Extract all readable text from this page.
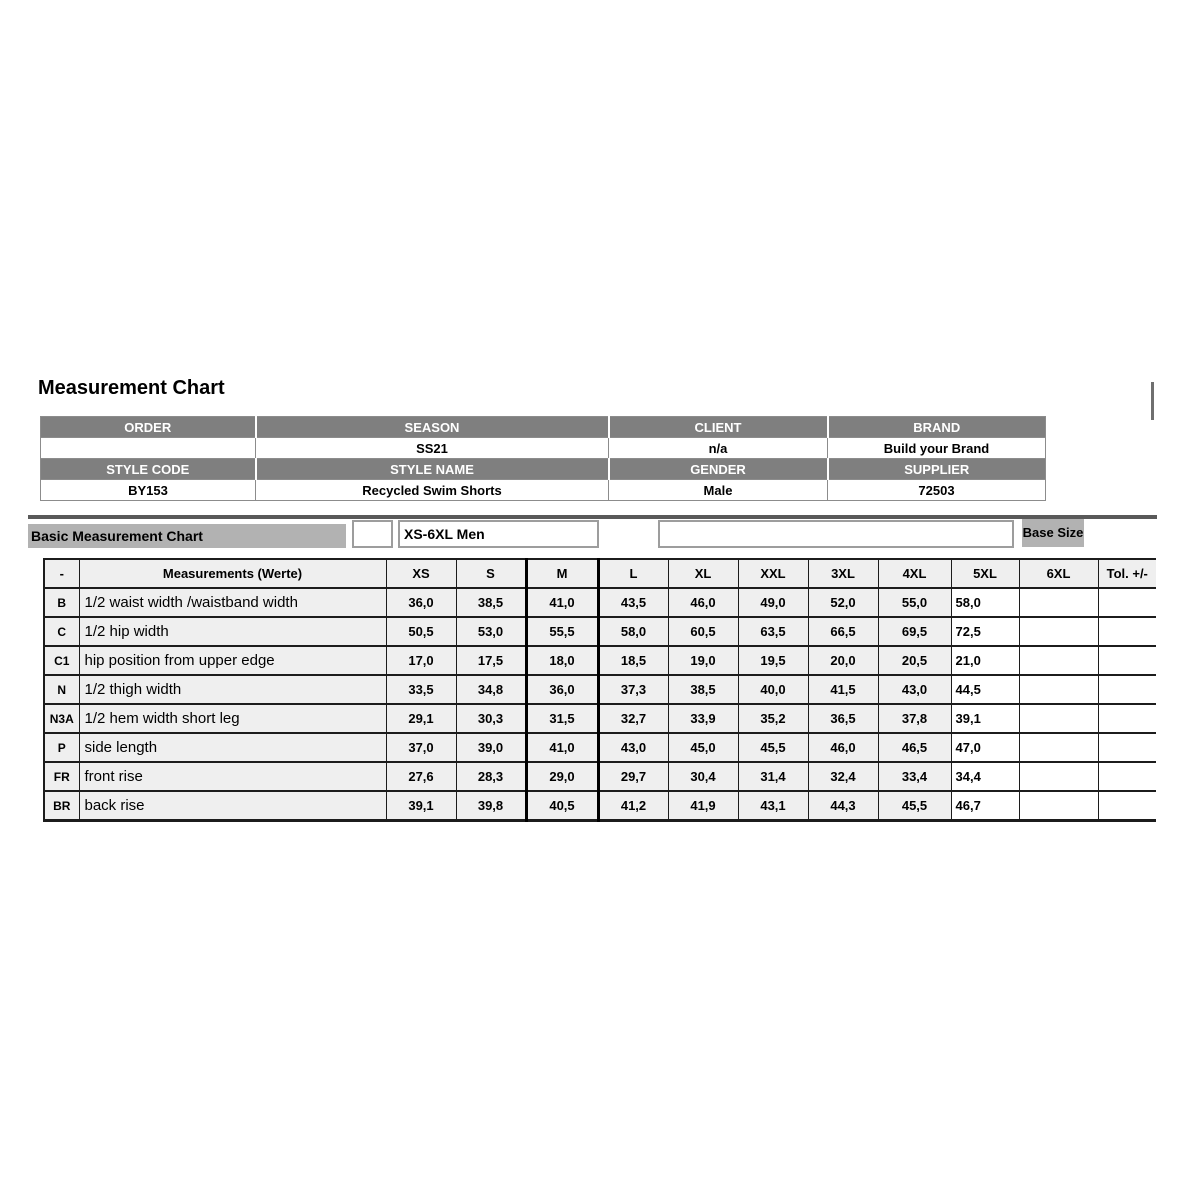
Measurement Chart
ORDER	SEASON	CLIENT	BRAND
	SS21	n/a	Build your Brand
STYLE CODE	STYLE NAME	GENDER	SUPPLIER
BY153	Recycled Swim Shorts	Male	72503
Basic Measurement Chart	XS-6XL Men	Base Size
-	Measurements (Werte)	XS	S	M	L	XL	XXL	3XL	4XL	5XL	6XL	Tol. +/-
B	1/2 waist width /waistband width	36,0	38,5	41,0	43,5	46,0	49,0	52,0	55,0	58,0		
C	1/2 hip width	50,5	53,0	55,5	58,0	60,5	63,5	66,5	69,5	72,5		
C1	hip position from upper edge	17,0	17,5	18,0	18,5	19,0	19,5	20,0	20,5	21,0		
N	1/2 thigh width	33,5	34,8	36,0	37,3	38,5	40,0	41,5	43,0	44,5		
N3A	1/2 hem width short leg	29,1	30,3	31,5	32,7	33,9	35,2	36,5	37,8	39,1		
P	side length	37,0	39,0	41,0	43,0	45,0	45,5	46,0	46,5	47,0		
FR	front rise	27,6	28,3	29,0	29,7	30,4	31,4	32,4	33,4	34,4		
BR	back rise	39,1	39,8	40,5	41,2	41,9	43,1	44,3	45,5	46,7		
